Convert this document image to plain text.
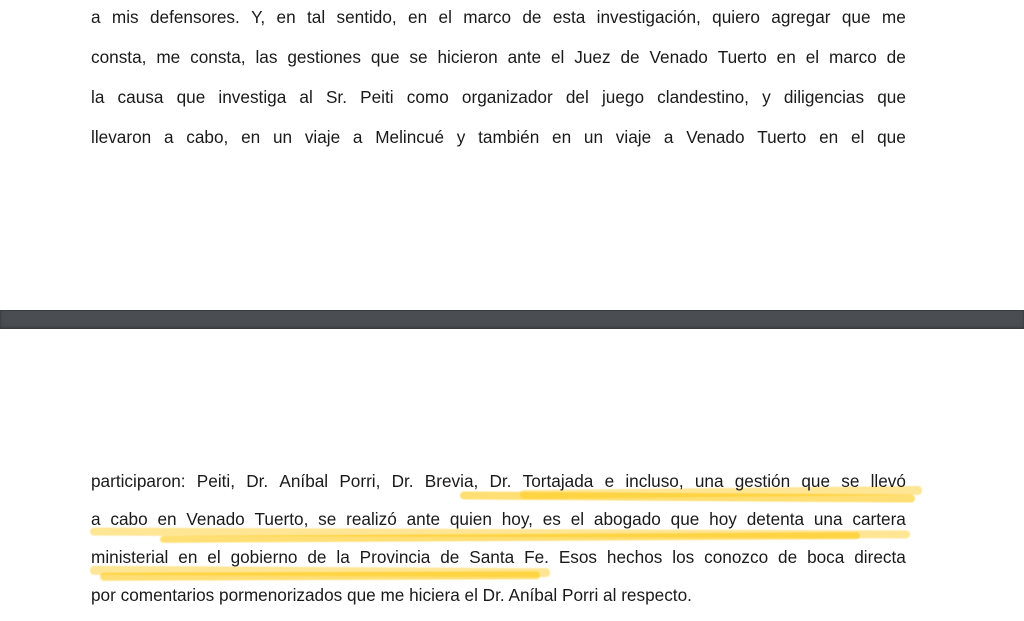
a mis defensores. Y, en tal sentido, en el marco de esta investigación, quiero agregar que me
consta, me consta, las gestiones que se hicieron ante el Juez de Venado Tuerto en el marco de
la causa que investiga al Sr. Peiti como organizador del juego clandestino, y diligencias que
llevaron a cabo, en un viaje a Melincué y también en un viaje a Venado Tuerto en el que
participaron: Peiti, Dr. Aníbal Porri, Dr. Brevia, Dr. Tortajada e incluso, una gestión que se llevó
a cabo en Venado Tuerto, se realizó ante quien hoy, es el abogado que hoy detenta una cartera
ministerial en el gobierno de la Provincia de Santa Fe. Esos hechos los conozco de boca directa
por comentarios pormenorizados que me hiciera el Dr. Aníbal Porri al respecto.
